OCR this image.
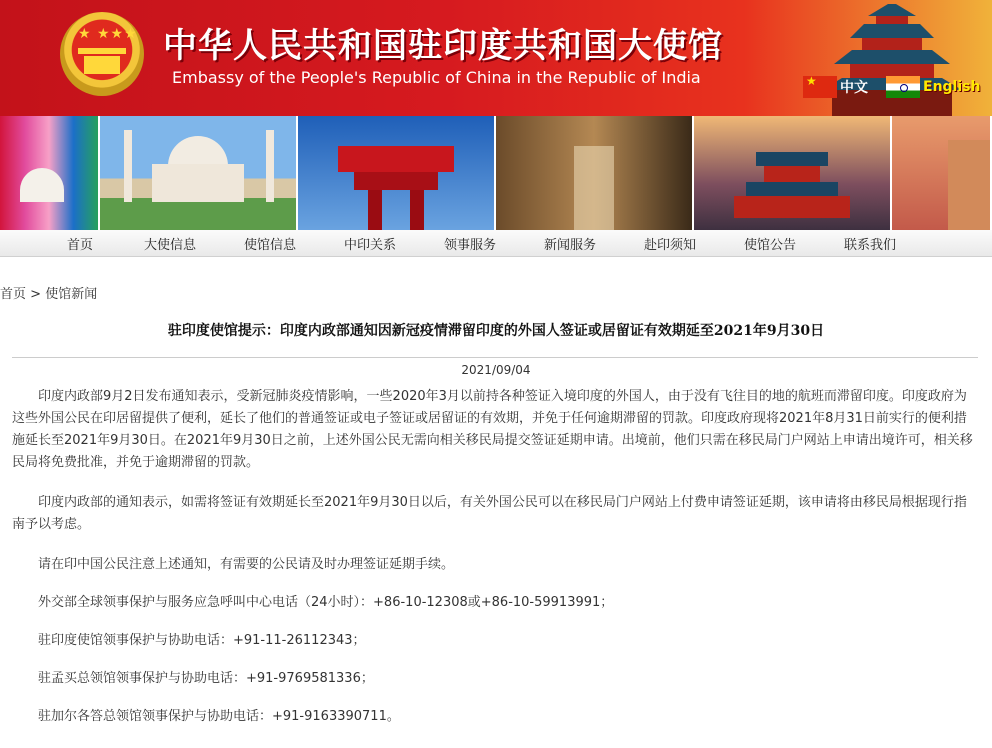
★ ★★★ 中华人民共和国驻印度共和国大使馆
Embassy of the People's Republic of China in the Republic of India
★
中文	English
首页	大使信息	使馆信息	中印关系	领事服务	新闻服务	赴印须知	使馆公告	联系我们
首页 > 使馆新闻
驻印度使馆提示：印度内政部通知因新冠疫情滞留印度的外国人签证或居留证有效期延至2021年9月30日
2021/09/04

印度内政部9月2日发布通知表示，受新冠肺炎疫情影响，一些2020年3月以前持各种签证入境印度的外国人，由于没有飞往目的地的航班而滞留印度。印度政府为这些外国公民在印居留提供了便利，延长了他们的普通签证或电子签证或居留证的有效期，并免于任何逾期滞留的罚款。印度政府现将2021年8月31日前实行的便利措施延长至2021年9月30日。在2021年9月30日之前，上述外国公民无需向相关移民局提交签证延期申请。出境前，他们只需在移民局门户网站上申请出境许可，相关移民局将免费批准，并免于逾期滞留的罚款。

印度内政部的通知表示，如需将签证有效期延长至2021年9月30日以后，有关外国公民可以在移民局门户网站上付费申请签证延期，该申请将由移民局根据现行指南予以考虑。

请在印中国公民注意上述通知，有需要的公民请及时办理签证延期手续。

外交部全球领事保护与服务应急呼叫中心电话（24小时）：+86-10-12308或+86-10-59913991；

驻印度使馆领事保护与协助电话：+91-11-26112343；

驻孟买总领馆领事保护与协助电话：+91-9769581336；

驻加尔各答总领馆领事保护与协助电话：+91-9163390711。
